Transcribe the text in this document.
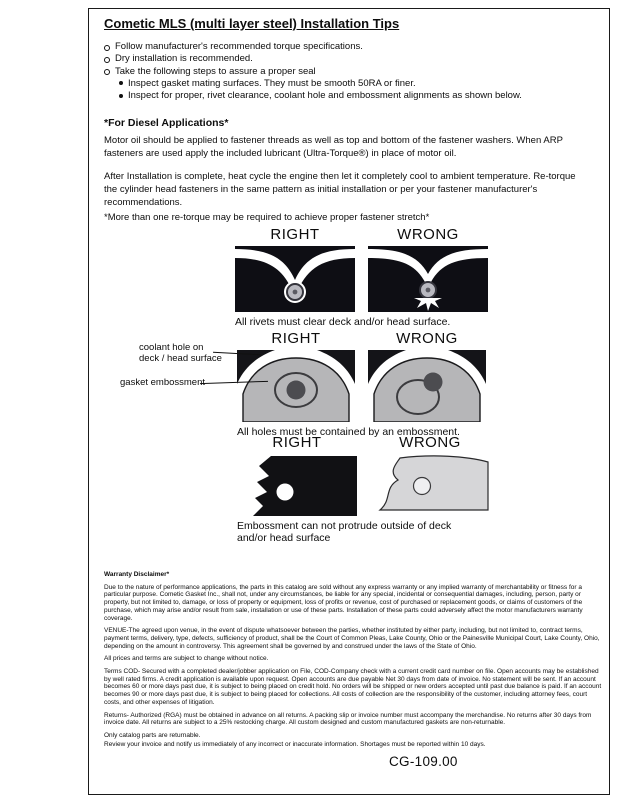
Cometic MLS (multi layer steel) Installation Tips
Follow manufacturer's recommended torque specifications.
Dry installation is recommended.
Take the following steps to assure a proper seal
Inspect gasket mating surfaces. They must be smooth 50RA or finer.
Inspect for proper, rivet clearance, coolant hole and embossment alignments as shown below.
*For Diesel Applications*
Motor oil should be applied to fastener threads as well as top and bottom of the fastener washers. When ARP fasteners are used apply the included lubricant (Ultra-Torque®) in place of motor oil.
After Installation is complete, heat cycle the engine then let it completely cool to ambient temperature. Re-torque the cylinder head fasteners in the same pattern as initial installation or per your fastener manufacturer's recommendations.
*More than one re-torque may be required to achieve proper fastener stretch*
RIGHT	WRONG
All rivets must clear deck and/or head surface.
RIGHT	WRONG
All holes must be contained by an embossment.
coolant hole on
deck / head surface
gasket embossment
RIGHT	WRONG
Embossment can not protrude outside of deck and/or head surface

Warranty Disclaimer*

Due to the nature of performance applications, the parts in this catalog are sold without any express warranty or any implied warranty of merchantability or fitness for a particular purpose. Cometic Gasket Inc., shall not, under any circumstances, be liable for any special, incidental or consequential damages, including, person, party or property, but not limited to, damage, or loss of property or equipment, loss of profits or revenue, cost of purchased or replacement goods, or claims of customers of the purchase, which may arise and/or result from sale, installation or use of these parts. Installation of these parts could adversely affect the motor manufacturers warranty coverage.

VENUE-The agreed upon venue, in the event of dispute whatsoever between the parties, whether instituted by either party, including, but not limited to, contract terms, payment terms, delivery, type, defects, sufficiency of product, shall be the Court of Common Pleas, Lake County, Ohio or the Painesville Municipal Court, Lake County, Ohio, depending on the amount in controversy. This agreement shall be governed by and construed under the laws of the State of Ohio.

All prices and terms are subject to change without notice.

Terms COD- Secured with a completed dealer/jobber application on File, COD-Company check with a current credit card number on file. Open accounts may be established by well rated firms. A credit application is available upon request. Open accounts are due payable Net 30 days from date of invoice. No statement will be sent. If an account becomes 60 or more days past due, it is subject to being placed on credit hold. No orders will be shipped or new orders accepted until past due balance is paid. If an account becomes 90 or more days past due, it is subject to being placed for collections. All costs of collection are the responsibility of the customer, including attorney fees, court costs, and other expenses of litigation.

Returns- Authorized (RGA) must be obtained in advance on all returns. A packing slip or invoice number must accompany the merchandise. No returns after 30 days from invoice date. All returns are subject to a 25% restocking charge. All custom designed and custom manufactured gaskets are non-returnable.

Only catalog parts are returnable.

Review your invoice and notify us immediately of any incorrect or inaccurate information. Shortages must be reported within 10 days.

CG-109.00
